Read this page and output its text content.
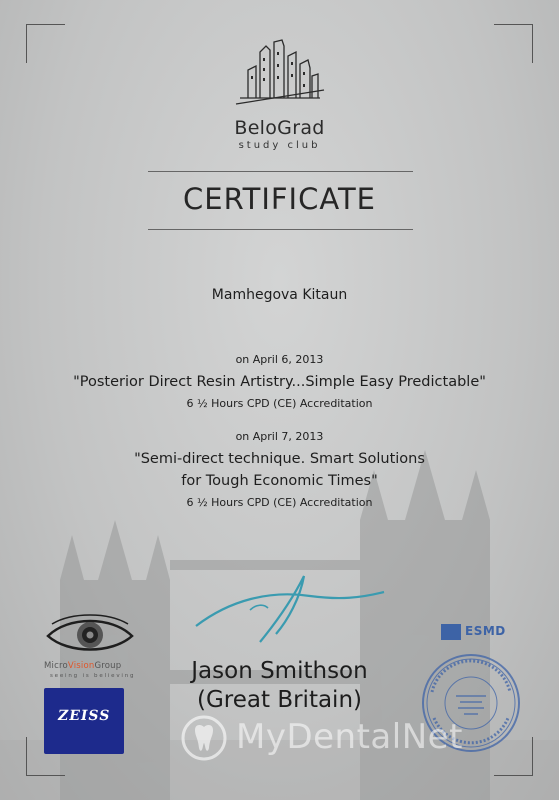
BeloGrad
study club
CERTIFICATE
Mamhegova Kitaun
on April 6, 2013
"Posterior Direct Resin Artistry...Simple Easy Predictable"
6 ½ Hours CPD (CE) Accreditation
on April 7, 2013
"Semi-direct technique. Smart Solutions
for Tough Economic Times"
6 ½ Hours CPD (CE) Accreditation
Jason Smithson
(Great Britain)
MicroVisionGroup
seeing is believing
ZEISS
ESMD
MyDentalNet
